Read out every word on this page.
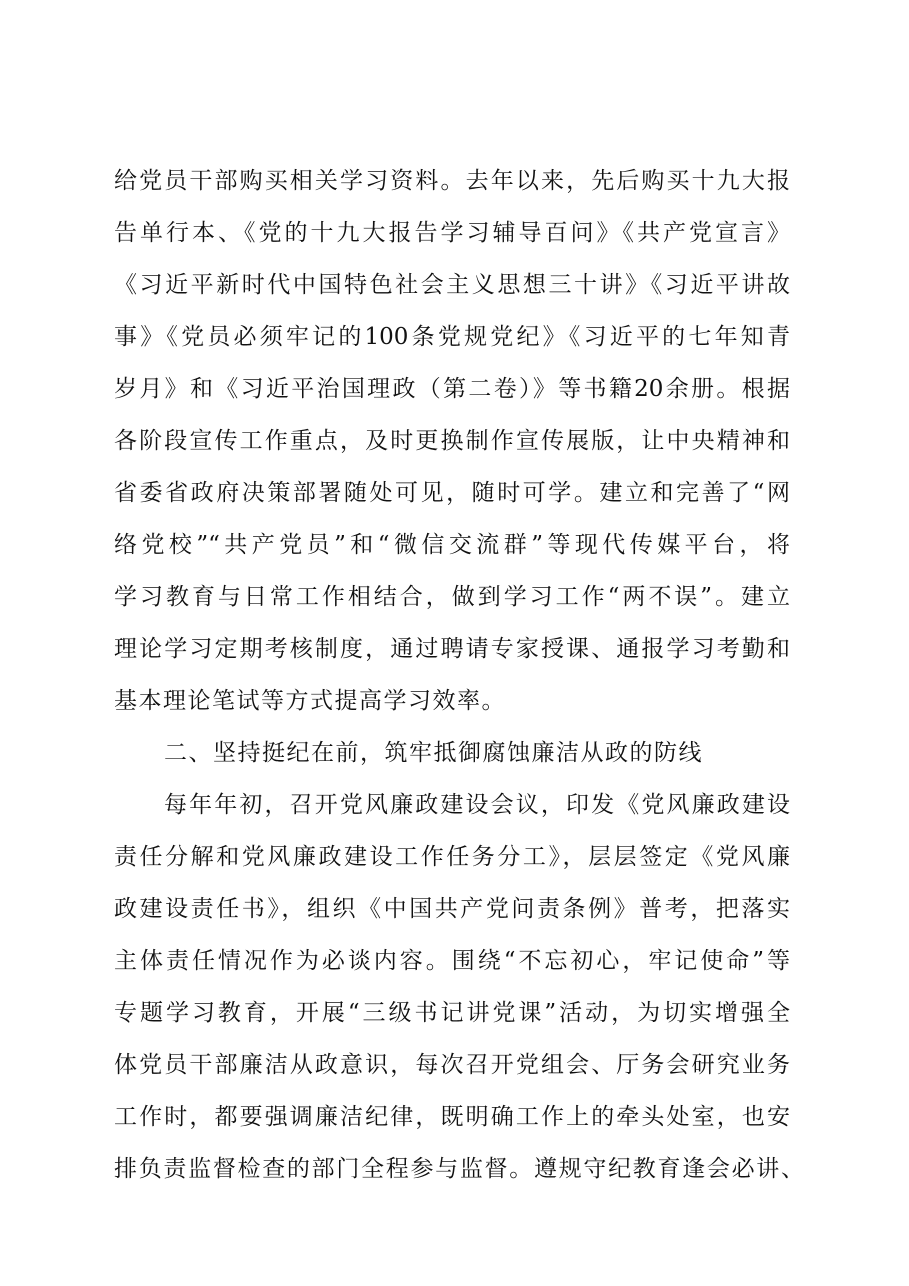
给党员干部购买相关学习资料。去年以来，先后购买十九大报
告单行本、《党的十九大报告学习辅导百问》《共产党宣言》
《习近平新时代中国特色社会主义思想三十讲》《习近平讲故
事》《党员必须牢记的100条党规党纪》《习近平的七年知青
岁月》和《习近平治国理政（第二卷）》等书籍20余册。根据
各阶段宣传工作重点，及时更换制作宣传展版，让中央精神和
省委省政府决策部署随处可见，随时可学。建立和完善了“网
络党校”“共产党员”和“微信交流群”等现代传媒平台，将
学习教育与日常工作相结合，做到学习工作“两不误”。建立
理论学习定期考核制度，通过聘请专家授课、通报学习考勤和
基本理论笔试等方式提高学习效率。
二、坚持挺纪在前，筑牢抵御腐蚀廉洁从政的防线
每年年初，召开党风廉政建设会议，印发《党风廉政建设
责任分解和党风廉政建设工作任务分工》，层层签定《党风廉
政建设责任书》，组织《中国共产党问责条例》普考，把落实
主体责任情况作为必谈内容。围绕“不忘初心，牢记使命”等
专题学习教育，开展“三级书记讲党课”活动，为切实增强全
体党员干部廉洁从政意识，每次召开党组会、厅务会研究业务
工作时，都要强调廉洁纪律，既明确工作上的牵头处室，也安
排负责监督检查的部门全程参与监督。遵规守纪教育逢会必讲、
